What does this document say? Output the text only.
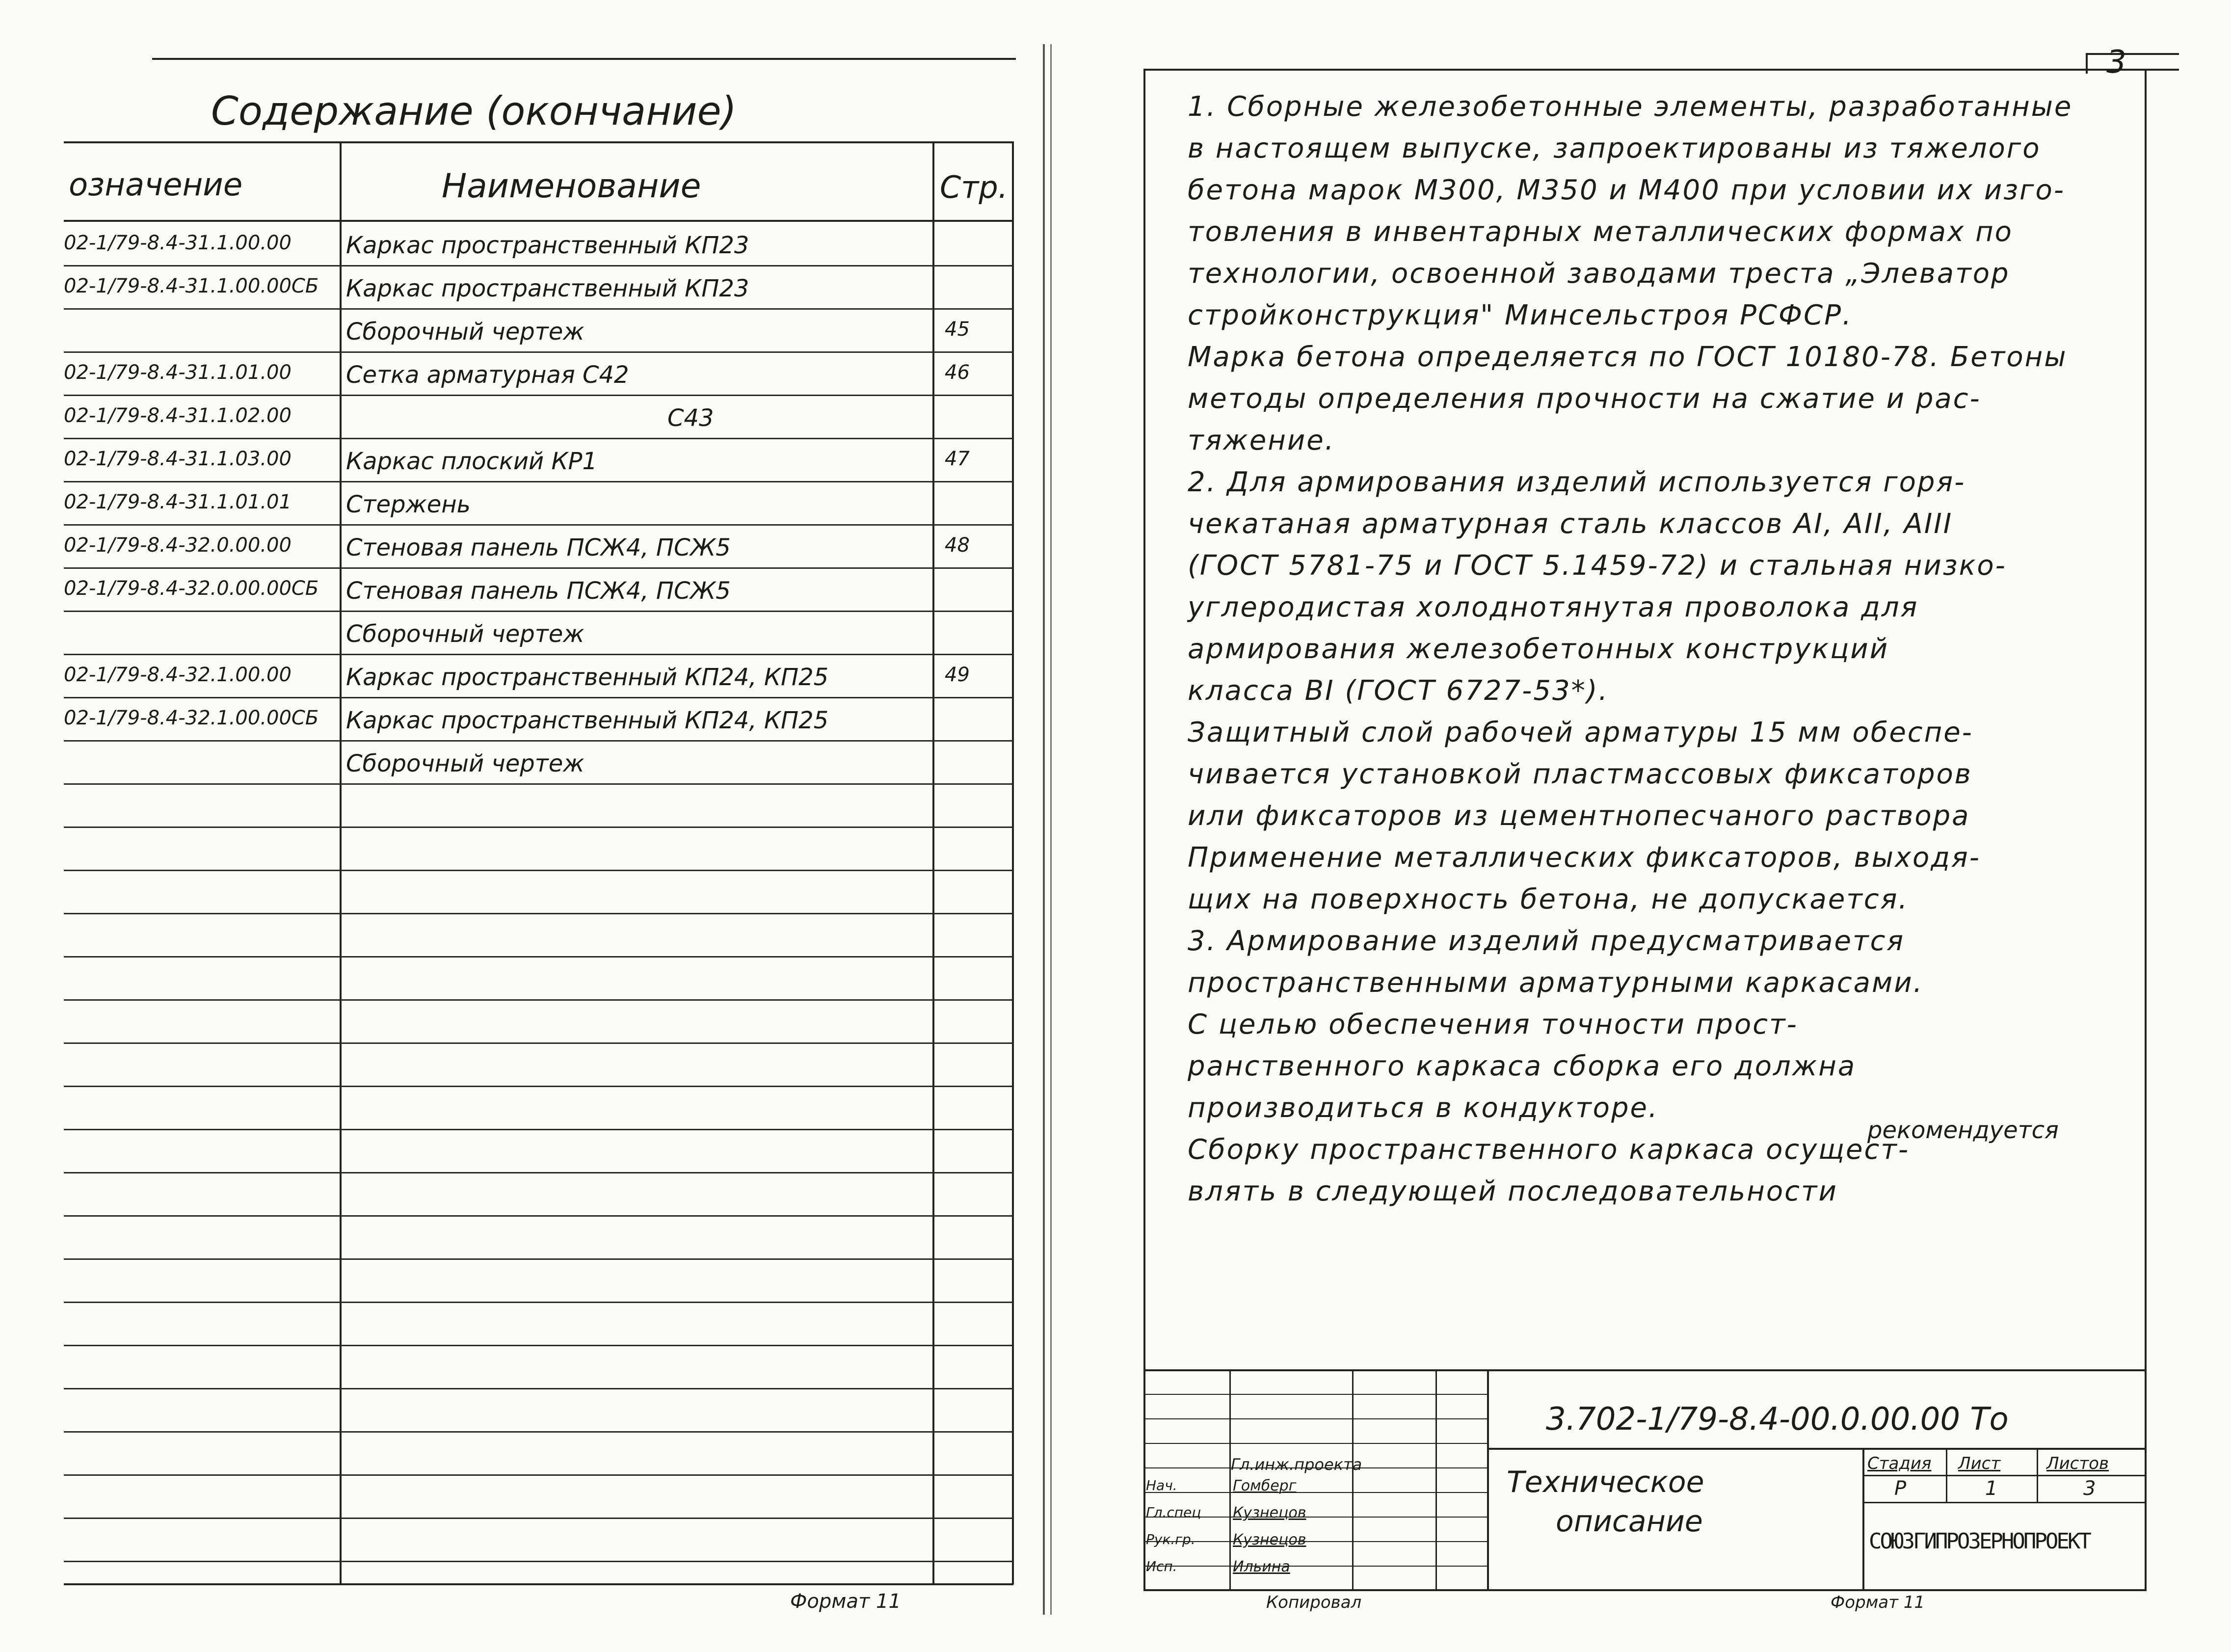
Содержание (окончание)
означение	Наименование	Стр.
02-1/79-8.4-31.1.00.00 Каркас пространственный КП23
02-1/79-8.4-31.1.00.00СБ Каркас пространственный КП23
Сборочный чертеж	45
02-1/79-8.4-31.1.01.00 Сетка арматурная С42	46
02-1/79-8.4-31.1.02.00	С43
02-1/79-8.4-31.1.03.00 Каркас плоский КР1	47
02-1/79-8.4-31.1.01.01 Стержень
02-1/79-8.4-32.0.00.00 Стеновая панель ПСЖ4, ПСЖ5	48
02-1/79-8.4-32.0.00.00СБ Стеновая панель ПСЖ4, ПСЖ5
Сборочный чертеж
02-1/79-8.4-32.1.00.00 Каркас пространственный КП24, КП25	49
02-1/79-8.4-32.1.00.00СБ Каркас пространственный КП24, КП25
Сборочный чертеж
Формат 11
3
1. Сборные железобетонные элементы, разработанные
в настоящем выпуске, запроектированы из тяжелого
бетона марок М300, М350 и М400 при условии их изго-
товления в инвентарных металлических формах по
технологии, освоенной заводами треста „Элеватор
стройконструкция" Минсельстроя РСФСР.
Марка бетона определяется по ГОСТ 10180-78. Бетоны
методы определения прочности на сжатие и рас-
тяжение.
2. Для армирования изделий используется горя-
чекатаная арматурная сталь классов АI, АII, АIII
(ГОСТ 5781-75 и ГОСТ 5.1459-72) и стальная низко-
углеродистая холоднотянутая проволока для
армирования железобетонных конструкций
класса ВI (ГОСТ 6727-53*).
Защитный слой рабочей арматуры 15 мм обеспе-
чивается установкой пластмассовых фиксаторов
или фиксаторов из цементнопесчаного раствора
Применение металлических фиксаторов, выходя-
щих на поверхность бетона, не допускается.
3. Армирование изделий предусматривается
пространственными арматурными каркасами.
С целью обеспечения точности прост-
ранственного каркаса сборка его должна
производиться в кондукторе.
Сборку пространственного каркаса осущест-
влять в следующей последовательности
рекомендуется
Гл.инж.проекта
Нач.	Гомберг
Гл.спец Кузнецов
Рук.гр.	Кузнецов
Исп.	Ильина
3.702-1/79-8.4-00.0.00.00 То
Техническое
описание
Стадия Лист	Листов
Р	1	3
СОЮЗГИПРОЗЕРНОПРОЕКТ
Копировал	Формат 11
